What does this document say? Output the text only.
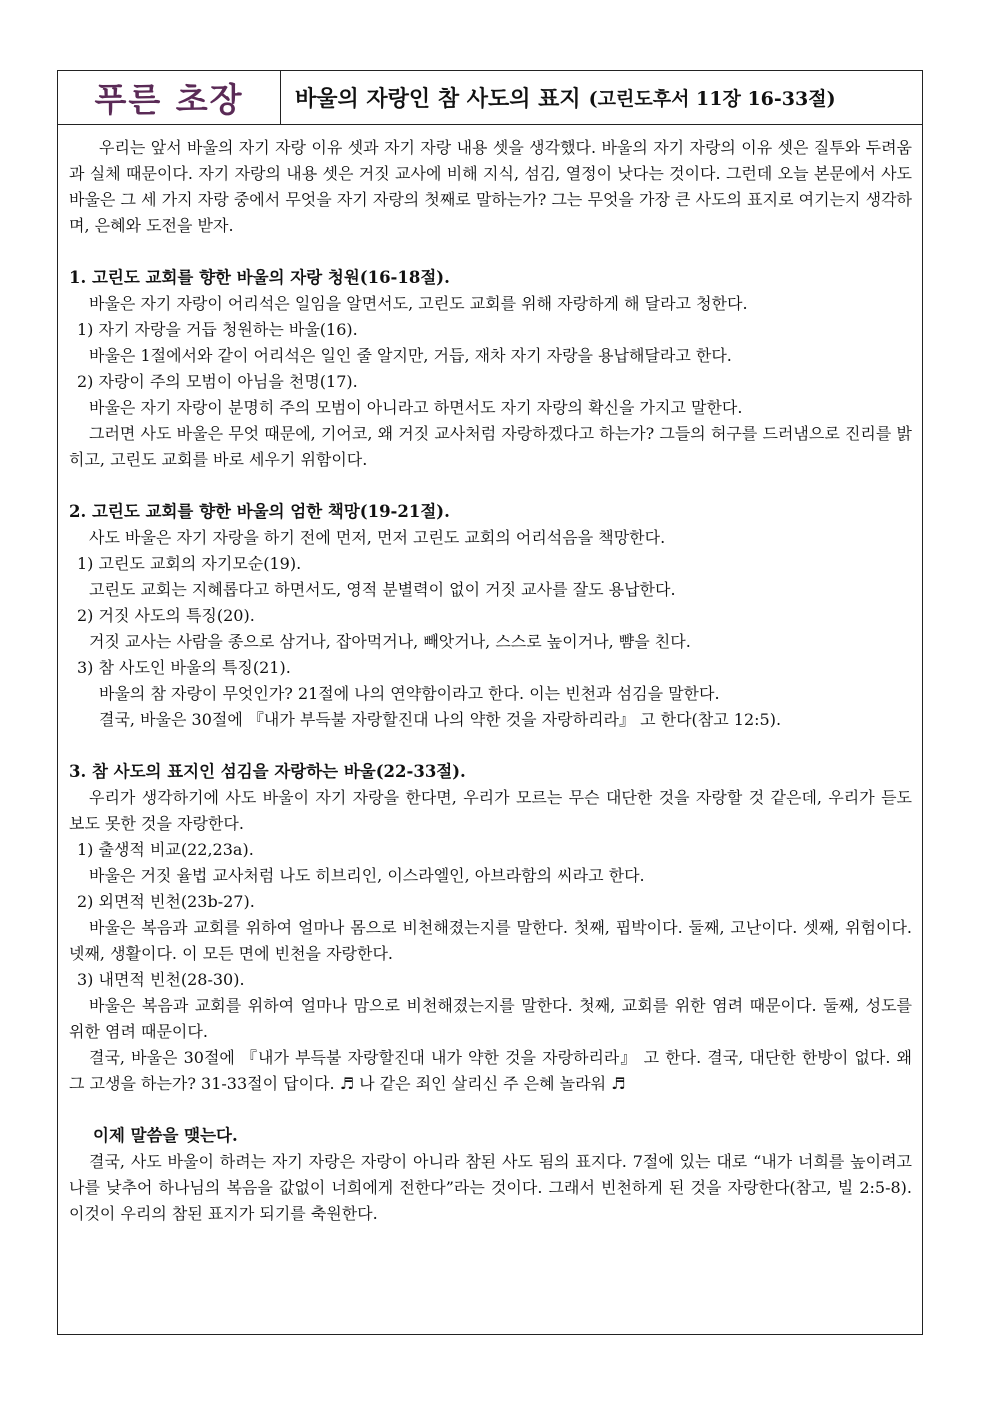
푸른 초장	바울의 자랑인 참 사도의 표지 (고린도후서 11장 16-33절)

우리는 앞서 바울의 자기 자랑 이유 셋과 자기 자랑 내용 셋을 생각했다. 바울의 자기 자랑의 이유 셋은 질투와 두려움과 실체 때문이다. 자기 자랑의 내용 셋은 거짓 교사에 비해 지식, 섬김, 열정이 낫다는 것이다. 그런데 오늘 본문에서 사도 바울은 그 세 가지 자랑 중에서 무엇을 자기 자랑의 첫째로 말하는가? 그는 무엇을 가장 큰 사도의 표지로 여기는지 생각하며, 은혜와 도전을 받자.

1. 고린도 교회를 향한 바울의 자랑 청원(16-18절).

바울은 자기 자랑이 어리석은 일임을 알면서도, 고린도 교회를 위해 자랑하게 해 달라고 청한다.

1) 자기 자랑을 거듭 청원하는 바울(16).

바울은 1절에서와 같이 어리석은 일인 줄 알지만, 거듭, 재차 자기 자랑을 용납해달라고 한다.

2) 자랑이 주의 모범이 아님을 천명(17).

바울은 자기 자랑이 분명히 주의 모범이 아니라고 하면서도 자기 자랑의 확신을 가지고 말한다.

그러면 사도 바울은 무엇 때문에, 기어코, 왜 거짓 교사처럼 자랑하겠다고 하는가? 그들의 허구를 드러냄으로 진리를 밝히고, 고린도 교회를 바로 세우기 위함이다.

2. 고린도 교회를 향한 바울의 엄한 책망(19-21절).

사도 바울은 자기 자랑을 하기 전에 먼저, 먼저 고린도 교회의 어리석음을 책망한다.

1) 고린도 교회의 자기모순(19).

고린도 교회는 지혜롭다고 하면서도, 영적 분별력이 없이 거짓 교사를 잘도 용납한다.

2) 거짓 사도의 특징(20).

거짓 교사는 사람을 종으로 삼거나, 잡아먹거나, 빼앗거나, 스스로 높이거나, 뺨을 친다.

3) 참 사도인 바울의 특징(21).

바울의 참 자랑이 무엇인가? 21절에 나의 연약함이라고 한다. 이는 빈천과 섬김을 말한다.

결국, 바울은 30절에 『내가 부득불 자랑할진대 나의 약한 것을 자랑하리라』 고 한다(참고 12:5).

3. 참 사도의 표지인 섬김을 자랑하는 바울(22-33절).

우리가 생각하기에 사도 바울이 자기 자랑을 한다면, 우리가 모르는 무슨 대단한 것을 자랑할 것 같은데, 우리가 듣도 보도 못한 것을 자랑한다.

1) 출생적 비교(22,23a).

바울은 거짓 율법 교사처럼 나도 히브리인, 이스라엘인, 아브라함의 씨라고 한다.

2) 외면적 빈천(23b-27).

바울은 복음과 교회를 위하여 얼마나 몸으로 비천해졌는지를 말한다. 첫째, 핍박이다. 둘째, 고난이다. 셋째, 위험이다. 넷째, 생활이다. 이 모든 면에 빈천을 자랑한다.

3) 내면적 빈천(28-30).

바울은 복음과 교회를 위하여 얼마나 맘으로 비천해졌는지를 말한다. 첫째, 교회를 위한 염려 때문이다. 둘째, 성도를 위한 염려 때문이다.

결국, 바울은 30절에 『내가 부득불 자랑할진대 내가 약한 것을 자랑하리라』 고 한다. 결국, 대단한 한방이 없다. 왜 그 고생을 하는가? 31-33절이 답이다. ♬ 나 같은 죄인 살리신 주 은혜 놀라워 ♬

이제 말씀을 맺는다.

결국, 사도 바울이 하려는 자기 자랑은 자랑이 아니라 참된 사도 됨의 표지다. 7절에 있는 대로 “내가 너희를 높이려고 나를 낮추어 하나님의 복음을 값없이 너희에게 전한다”라는 것이다. 그래서 빈천하게 된 것을 자랑한다(참고, 빌 2:5-8). 이것이 우리의 참된 표지가 되기를 축원한다.
